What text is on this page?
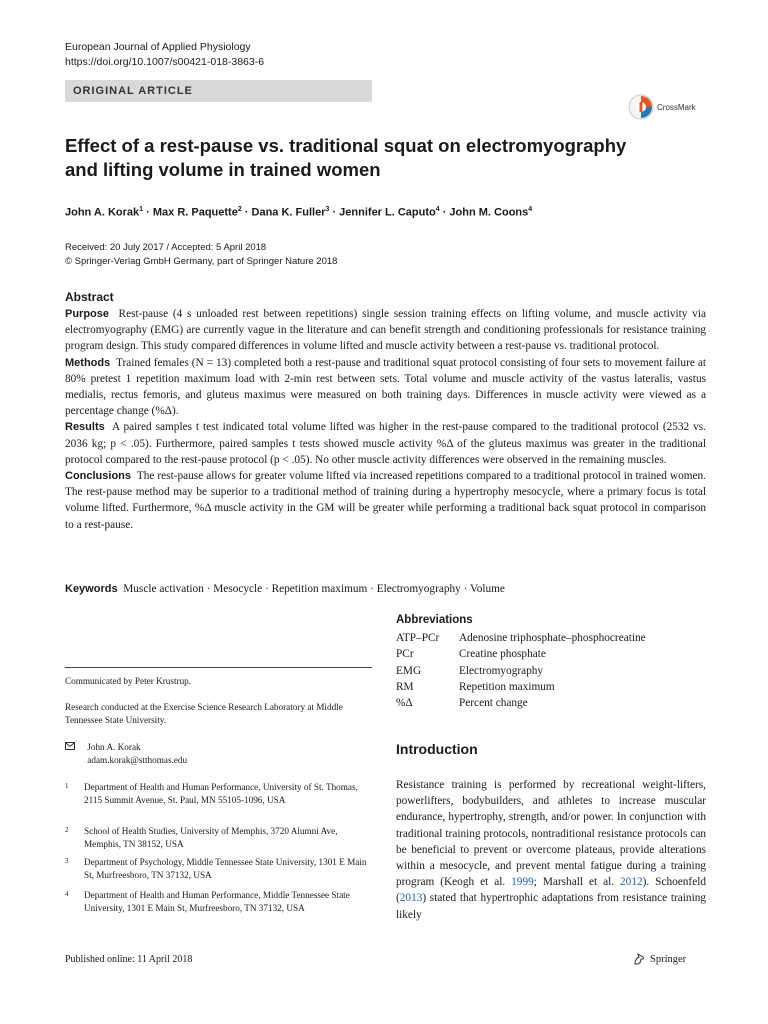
European Journal of Applied Physiology
https://doi.org/10.1007/s00421-018-3863-6
ORIGINAL ARTICLE
CrossMark
Effect of a rest-pause vs. traditional squat on electromyography
and lifting volume in trained women
John A. Korak$^1$ · Max R. Paquette$^2$ · Dana K. Fuller$^3$ · Jennifer L. Caputo$^4$ · John M. Coons$^4$
Received: 20 July 2017 / Accepted: 5 April 2018
© Springer-Verlag GmbH Germany, part of Springer Nature 2018
Abstract

Purpose Rest-pause (4 s unloaded rest between repetitions) single session training effects on lifting volume, and muscle activity via electromyography (EMG) are currently vague in the literature and can benefit strength and conditioning professionals for resistance training program design. This study compared differences in volume lifted and muscle activity between a rest-pause vs. traditional protocol.

Methods Trained females (N = 13) completed both a rest-pause and traditional squat protocol consisting of four sets to movement failure at 80% pretest 1 repetition maximum load with 2-min rest between sets. Total volume and muscle activity of the vastus lateralis, vastus medialis, rectus femoris, and gluteus maximus were measured on both training days. Differences in muscle activity were viewed as a percentage change (%Δ).

Results A paired samples t test indicated total volume lifted was higher in the rest-pause compared to the traditional protocol (2532 vs. 2036 kg; p < .05). Furthermore, paired samples t tests showed muscle activity %Δ of the gluteus maximus was greater in the traditional protocol compared to the rest-pause protocol (p < .05). No other muscle activity differences were observed in the remaining muscles.

Conclusions The rest-pause allows for greater volume lifted via increased repetitions compared to a traditional protocol in trained women. The rest-pause method may be superior to a traditional method of training during a hypertrophy mesocycle, where a primary focus is total volume lifted. Furthermore, %Δ muscle activity in the GM will be greater while performing a traditional back squat protocol in comparison to a rest-pause.

Keywords Muscle activation · Mesocycle · Repetition maximum · Electromyography · Volume
Abbreviations
ATP–PCr	Adenosine triphosphate–phosphocreatine
PCr	Creatine phosphate
EMG	Electromyography
RM	Repetition maximum
%Δ	Percent change
Communicated by Peter Krustrup.
Research conducted at the Exercise Science Research Laboratory at Middle Tennessee State University.
John A. Korak
adam.korak@stthomas.edu
1	Department of Health and Human Performance, University of St. Thomas, 2115 Summit Avenue, St. Paul, MN 55105-1096, USA
2	School of Health Studies, University of Memphis, 3720 Alumni Ave, Memphis, TN 38152, USA
3	Department of Psychology, Middle Tennessee State University, 1301 E Main St, Murfreesboro, TN 37132, USA
4	Department of Health and Human Performance, Middle Tennessee State University, 1301 E Main St, Murfreesboro, TN 37132, USA
Introduction
Resistance training is performed by recreational weight-lifters, powerlifters, bodybuilders, and athletes to increase muscular endurance, hypertrophy, strength, and/or power. In conjunction with traditional training protocols, nontraditional resistance protocols can be beneficial to prevent or overcome plateaus, provide alterations within a mesocycle, and prevent mental fatigue during a training program (Keogh et al. 1999; Marshall et al. 2012). Schoenfeld (2013) stated that hypertrophic adaptations from resistance training likely
Published online: 11 April 2018	Springer
